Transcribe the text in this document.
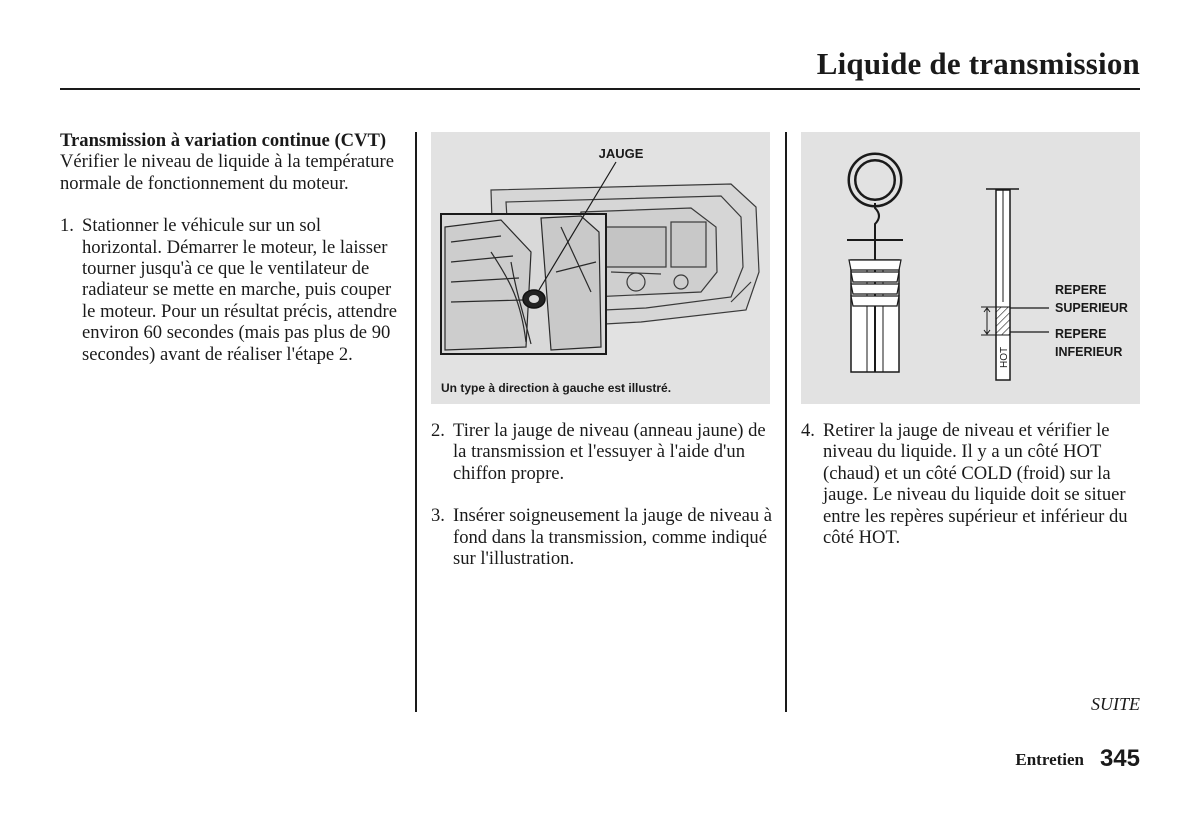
Liquide de transmission

Transmission à variation continue (CVT)

Vérifier le niveau de liquide à la température normale de fonctionnement du moteur.

1. Stationner le véhicule sur un sol horizontal. Démarrer le moteur, le laisser tourner jusqu'à ce que le ventilateur de radiateur se mette en marche, puis couper le moteur. Pour un résultat précis, attendre environ 60 secondes (mais pas plus de 90 secondes) avant de réaliser l'étape 2.

JAUGE
Un type à direction à gauche est illustré.
HOT
REPERE
SUPERIEUR
REPERE
INFERIEUR
2. Tirer la jauge de niveau (anneau jaune) de la transmission et l'essuyer à l'aide d'un chiffon propre.

3. Insérer soigneusement la jauge de niveau à fond dans la transmission, comme indiqué sur l'illustration.

4. Retirer la jauge de niveau et vérifier le niveau du liquide. Il y a un côté HOT (chaud) et un côté COLD (froid) sur la jauge. Le niveau du liquide doit se situer entre les repères supérieur et inférieur du côté HOT.

SUITE
Entretien 345
